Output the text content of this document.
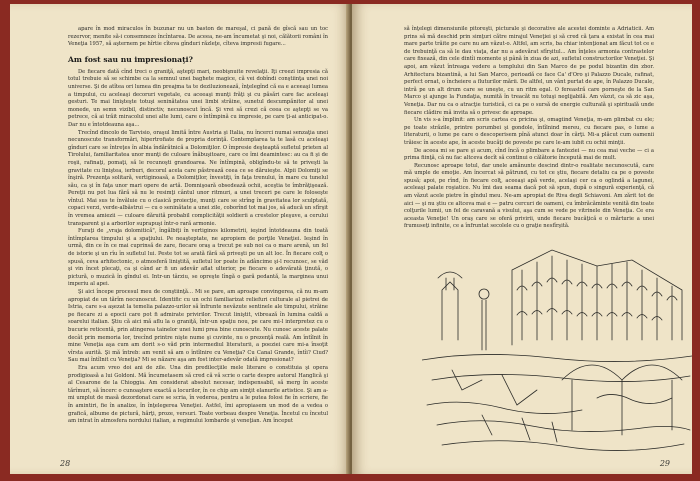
apare în mod miraculos în buzunar nu un baston de mareşal, ci pană de gîscă sau un toc rezervor, menite să-i consemneze încîntarea. De aceea, ne-am încumetat şi noi, călătorii români în Veneţia 1957, să aşternem pe hîrtie cîteva gînduri răzleţe, cîteva impresii fugare...

Am fost sau nu impresionaţi?

De fiecare dată cînd treci o graniţă, aştepţi mari, neobişnuite revelaţii. Iţi creezi impresia că totul trebuie să se schimbe ca la semnul unei baghete magice, că vei dobîndi conştiinţa unei noi universe. Şi de atîtea ori lumea din preajma ta te deziluzionează, înţelegînd că ea e aceeaşi lumea a timpului, cu aceleaşi decoruri vegetale, cu aceeaşi munţi frăţi şi cu păsări care fac aceleaşi gesturi. Te mai linişteşte totuşi seninătatea unei limbi străine, sunetul descumpănitor al unei monede, un semn vizibil, distinctiv, necunoscut încă. Şi vrei să crezi că ceea ce aştepţi se va petrece, că ai trăit miracolul unei alte lumi, care o întîmpină cu impresie, pe care ţi-ai anticipat-o. Dar nu e întotdeauna aşa...

Trecînd dincolo de Tarvisio, oraşul limită între Austria şi Italia, nu încerci numai senzaţia unei necunoscute transformări, hipertrofiate de propria dorinţă. Contemplarea ta te lasă cu aceleaşi gînduri care se întreţes în albia îndărătnică a Dolomiţilor. O împresie deşteaptă sufletul prieten al Tirolului, familiaritatea unor munţi de culoare înăbuşitoare, care ce îmi deamintesc: au ca fi şi de roşii, rafinaţi, pomaţi, să le recunoşti grandoarea. Ne întîmpină, obligîndu-te să te priveşti la gravitate cu liniştea, ierburi, decorul acela care păstrează ceea ce se dăruieşte. Alpii Dolomiţi se înşiră. Prezenţa solitară, vertiginoasă, a Dolomiţilor, învestiţi, în faţa trenului, în mare cu tunelul său, ca şi în faţa unor mari opere de artă. Domnişoară obsedează ochii, aceştia te îmbrăţişează. Pereţii nu pot lua fără să nu le resimţi cântul unor ritmuri, a unei treceri pe care le foloseşte vîntul. Mai sus te învăluie cu o clasică proiecţie, munţi care se strîng în gravitatea lor sculptată, copaci verzi, verde-albăstrui — cu o seninătate a unei zile, coborînd tot mai jos, să aducă un sfîrşit în vremea amiezii — culoare dăruită probabil complicităţii soldierii a crestelor pleşuve, a cerului transparent şi a arborilor suprapuşi într-o rară armonie.

Furaţi de „vraja dolomitică", îngălbiţi în vertiginos kilometrii, ieşind întotdeauna din toată întîmplarea timpului şi a spaţiului. Pe neaşteptate, ne apropiem de porţile Veneţiei. Ieşind în urmă, din ce în ce mai cuprinsă de zare, fiecare oraş a trecut pe sub noi ca o mare arenă, un fel de istorie şi un rîu în sufletul lui. Peste tot se arată fără să priveşti pe un alt loc. În fiecare colţ o spusă, ceva arhitectonic, o atmosferă liniştită, sufletul lor poate în adâncime şi-l recunosc, se văd şi vin încet plecaţi, ca şi când ar fi un adevăr aflat ulterior, pe fiecare o adevărată ţinută, o pictură, o muzică în gîndul ei. Intr-un târziu, se opreşte lîngă o gară pedantă, la marginea unui imperiu al apei.

Şi aici începe procesul meu de conştiinţă... Mi se pare, am aproape convingerea, că nu m-am apropiat de un tărîm necunoscut. Identific cu un ochi familiarizat reliefuri culturale al pietrei de Istria, care s-a aşezat la temelia palazzo-urilor să înfrunte nevăzute sentinele ale timpului, străine pe fiecare zi a epocii care pot fi admirate privirilor. Trecut liniştit, vibrează în lumina caldă a soarelui italian. Ştiu că aici mă aflu la o graniţă, într-un spaţiu nou, pe care mi-l interpretez cu o bucurie reticentă, prin atingerea tainelor unei lumi prea bine cunoscute. Nu cunosc aceste palate decât prin memoria lor, trecînd printre nişte nume şi cuvinte, nu o prezenţă reală. Am întîlnit în mine Veneţia aşa cum am dorit s-o văd prin intermediul literaturii, a poeziei care mi-a însoţit vîrsta aurită. Şi mă întreb: am venit să am o întîlnire cu Veneţia? Cu Canal Grande, întîi? Ciud? Sau mai întîlnit cu Veneţia? Mi se năzare aşa am fost inter-adevăr odată impresionat?

Era acum vreo doi ani de zile. Una din predilecţiile mele literare o constituia şi opera prodigioasă a lui Goldoni. Mă încumetasem să cred că vă scrie o carte despre autorul Hanglică şi al Cesarone de la Chioggia. Am considerat absolut necesar, indispensabil, să merg în aceste tărîmuri, să încerc o cunoaştere exactă a locurilor, în ce chip am simţit elanurile artistice. Şi am a-mi umplut de masă dezordonat care se scria, în vederea, pentru a le putea folosi fie în scriere, fie în amintiri, fie în analize, în înţelegerea Veneţiei. Astfel, îmi apropiasem un mod de a vedea o grafică, albume de pictură, hărţi, proze, versuri. Toate vorbeau despre Veneţia. Încetul cu încetul am intrat în atmosfera nordului italian, a regimului lombarde şi veneţian. Am început

28

să înţelegi dimensiunile pitoreşti, picturale şi decorative ale acestei dominte a Adriaticii. Am prins să mă deschid prin simţuri către mirajul Veneţiei şi să cred că ţara a existat în cea mai mare parte trăite pe care nu am văzut-o. Altfel, am scris, ba chiar intenţionat am făcut tot ce e de trebuinţă ca să le dau viaţa, dar nu a adevărat sfîrşitul... Am înţeles armonia contrastelor care fixează, din cele dintîi momente şi până în ziua de azi, sufletul constructorilor Veneţiei. Şi apoi, am văzut întreaga vedere a templului din San Marco de pe podul bizantin din zbor. Arhitectura bizantină, a lui San Marco, perioadă ce face Ca' d'Oro şi Palazzo Ducale, rafinat, perfect ornat, o încheiere a fluturilor mării. De altfel, un vânt purtat de ape, în Palazzo Ducale, intră pe un alt drum care se uneşte, cu un ritm egal. O fereastră care porneşte de la San Marco şi ajunge la Fundaţia, numită în treacăt nu totuşi neglijabilă. Am văzut, ca să zic aşa, Veneţia. Dar nu ca o atracţie turistică, ci ca pe o sursă de energie culturală şi spirituală unde fiecare clădire mă invita să o privesc de aproape.

Un vis s-a împlinit: am scris cartea cu pricina şi, omagiind Veneţia, m-am plimbat cu ele; pe toate străzile, printre porumbei şi gondole, întîlnind mereu, cu fiecare pas, o lume a literaturii, o lume pe care o descoperisem pînă atunci doar în cărţi. Mi-a plăcut cum oamenii trăiesc în aceste ape, în aceste bucăţi de poveste pe care le-am iubit cu ochii minţii.

De aceea mi se pare şi acum, cînd încă o plimbare a fanteziei — nu cea mai veche — ci a prima fiinţă, că nu fac altceva decît să continui o călătorie începută mai de mult.

Recunosc aproape totul, dar unele amănunte descind dintr-o realitate necunoscută, care mă umple de emoţie. Am încercat să pătrund, cu tot ce ştiu, fiecare detaliu ca pe o poveste spusă; apoi, pe rînd, în fiecare colţ, aceeaşi apă verde, acelaşi cer ca o oglindă a lagunei, aceleaşi palate roşiatice. Nu îmi dau seama dacă pot să spun, după o singură experienţă, că am văzut acele pietre în gîndul meu. Ne-am apropiat de Riva degli Schiavoni. Am zărit tot de aici — şi nu ştiu ce altceva mai e — patru cercuri de oameni, cu îmbrăcăminte venită din toate colţurile lumii, un fel de caravană a visului, aşa cum se vede pe vitrinele din Veneţia. Ce era aceasta Veneţie! Un oraş care se oferă privirii, unde fiecare bucăţică e o mărturie a unei frumuseţi infinite, ce a înfruntat secolele cu o graţie nesfîrşită.

29
